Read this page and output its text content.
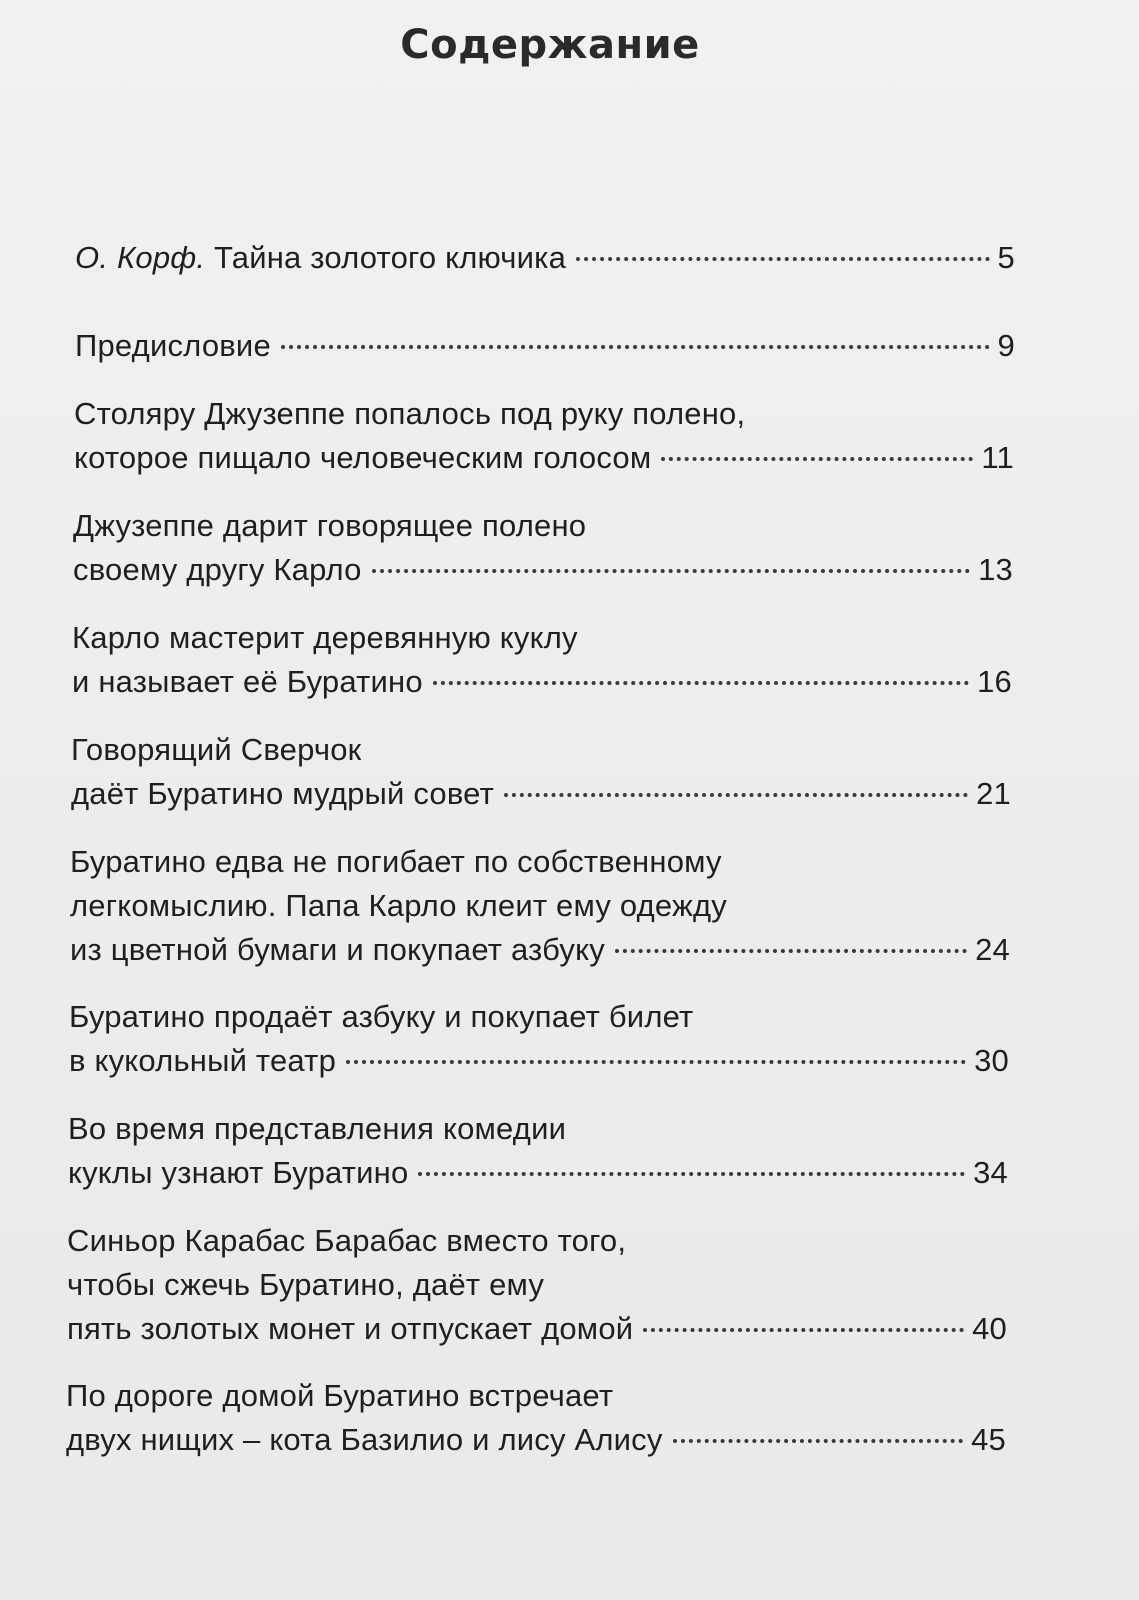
Содержание
О. Корф. Тайна золотого ключика	5
Предисловие	9
Столяру Джузеппе попалось под руку полено,
которое пищало человеческим голосом	11
Джузеппе дарит говорящее полено
своему другу Карло	13
Карло мастерит деревянную куклу
и называет её Буратино	16
Говорящий Сверчок
даёт Буратино мудрый совет	21
Буратино едва не погибает по собственному
легкомыслию. Папа Карло клеит ему одежду
из цветной бумаги и покупает азбуку	24
Буратино продаёт азбуку и покупает билет
в кукольный театр	30
Во время представления комедии
куклы узнают Буратино	34
Синьор Карабас Барабас вместо того,
чтобы сжечь Буратино, даёт ему
пять золотых монет и отпускает домой	40
По дороге домой Буратино встречает
двух нищих – кота Базилио и лису Алису	45
